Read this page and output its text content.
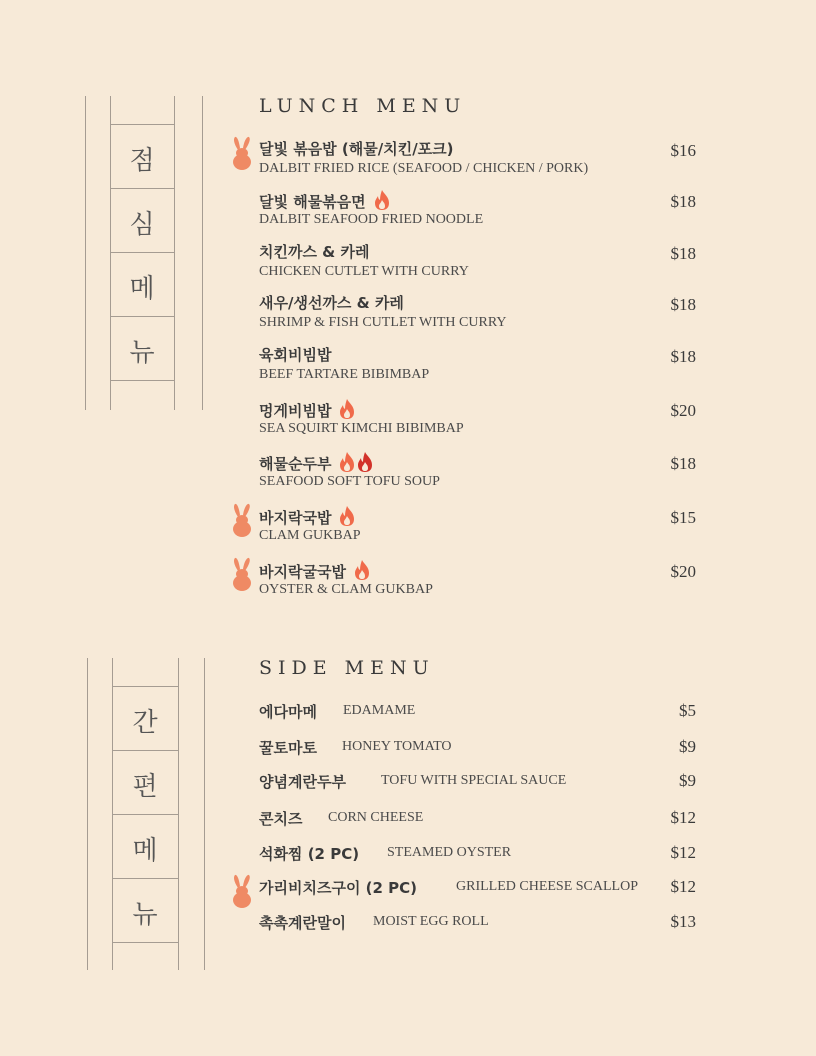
점
심
메
뉴
LUNCH MENU
달빛 볶음밥 (해물/치킨/포크)
DALBIT FRIED RICE (SEAFOOD / CHICKEN / PORK)
$16
달빛 해물볶음면
DALBIT SEAFOOD FRIED NOODLE
$18
치킨까스 & 카레
CHICKEN CUTLET WITH CURRY
$18
새우/생선까스 & 카레
SHRIMP & FISH CUTLET WITH CURRY
$18
육회비빔밥
BEEF TARTARE BIBIMBAP
$18
멍게비빔밥
SEA SQUIRT KIMCHI BIBIMBAP
$20
해물순두부
SEAFOOD SOFT TOFU SOUP
$18
바지락국밥
CLAM GUKBAP
$15
바지락굴국밥
OYSTER & CLAM GUKBAP
$20
간
편
메
뉴
SIDE MENU
에다마메 EDAMAME	$5
꿀토마토 HONEY TOMATO	$9
양념계란두부	TOFU WITH SPECIAL SAUCE	$9
콘치즈 CORN CHEESE	$12
석화찜 (2 PC) STEAMED OYSTER	$12
가리비치즈구이 (2 PC)	GRILLED CHEESE SCALLOP $12
촉촉계란말이 MOIST EGG ROLL	$13
